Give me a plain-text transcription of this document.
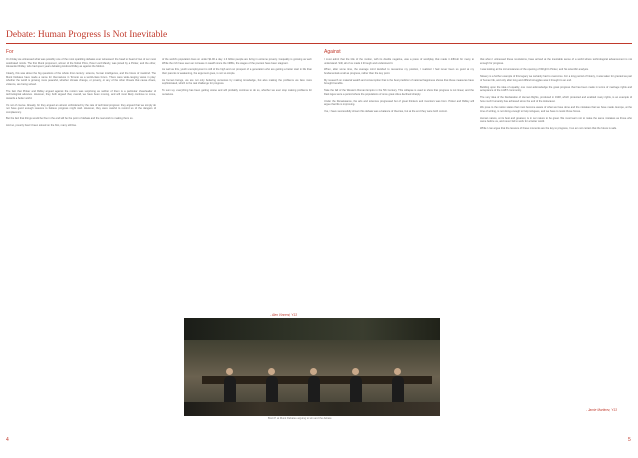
Debate: Human Progress Is Not Inevitable
For	Against

On Friday we witnessed what was possibly one of the most sparkling debates ever witnessed: the head to head of two of our most celebrated minds. The first Munk proponent, winner of the Nobel Prize, Peter Lord Mandy, was joined by a Pinker, and the other, Alexander Ridley, who had spent years debating Andrew Ridley as against the Motion.

Clearly, this was about the big questions of the whole 21st century: science, human intelligence, and the future of mankind. The Munk Debates have made a name for themselves in Toronto as a world-class forum. There were wide-ranging views in play: whether the world is growing more peaceful, whether climate change, or poverty, or any of the other threats that cause chaos, violence, are being solved.

The fact that Pinker and Ridley argued against the motion was surprising as neither of them is a particular cheerleader of technological advance. However, they both argued that, overall, we have been moving, and will most likely continue to move, towards a better world.

It’s not of course. Already, for they argued an almost unhindered by the rate of technical progress: they argued that we simply do not have good enough reasons to believe progress might stall. However, they were careful to remind us of the dangers of complacency.

But the fact that things would be fine in the end will be the point of debate and the real work to making them so.

And so, poverty hasn’t been solved on the first, many still live.

of the world’s population lives on under $1.90 a day. 1.3 billion people are living in extreme poverty. Inequality is growing as well. While the rich have seen an increase in wealth since the 1980s, the wages of the poorest have been stagnant.

As well as this, youth unemployment is still of the high and our prospect of a generation who are getting a better start in life than their parents is weakening, the argument goes, is not so simple.

As human beings, we are not only bettering ourselves by making knowledge, but also making the problems we face more sophisticated, which is the real challenge for progress.

To sum up, everything has been getting worse and will probably continue to do so, whether we ever stop making problems for ourselves.

- Alex Vincent, Y13

I must admit that the title of the motion, with its double negative, was a piece of wordplay that made it difficult for many to understand. Still, all of us made it through and understood it.

When, after some time, the average mind decided to reexamine my position, I realized I had never been so good at my fundamentals at all as progress, rather than the key point.

My research on material wealth and consumption that is the best predictor of national happiness shows that these measures have brought benefits.

Take the fall of the Western Roman Empire in the 5th Century. This collapse is used to show that progress is not linear, and the Dark Ages were a period where the populations of once great cities declined sharply.

Under the Renaissance, the arts and sciences progressed but of great thinkers and inventors was born. Pinker and Ridley will argue that life is improving.

Yes, I have successfully shown this debate was a balance of theories, but at the end they were both correct.

that when I witnessed these revolutions, have arrived at the inevitable sense of a world where technological advancement is not enough for progress.

I was looking at the circumstances of the opening of Wright’s Pinker, and his scientific analysis.

Slavery is a further example of this legacy we certainly had to overcome. For a long period of history, it was taken for granted as part of human life, and only after long and difficult struggles was it brought to an end.

Building upon the idea of equality, one must acknowledge the great progress that has been made in terms of marriage rights and acceptance of the LGBT community.

The very idea of the Declaration of Human Rights, produced in 1948, which protected and enabled many rights, is an example of how much humanity has achieved since the end of the Holocaust.

We pose to the nation states that must become aware of what we have done and the mistakes that we have made. Europe, at the time of writing, is not doing enough to help refugees, and we have to resist those forces.

Human nature, at its best and greatest, is in our nature to be great. We must learn not to make the same mistakes as those who came before us, and never fail to work for a better world.

While I can argue that the lessons of these moments are the key to progress, I too am not certain that the future is safe.

- Jamie Martinez, Y13
Brett P. at Munk Debates arguing to win and the debate
4	5
